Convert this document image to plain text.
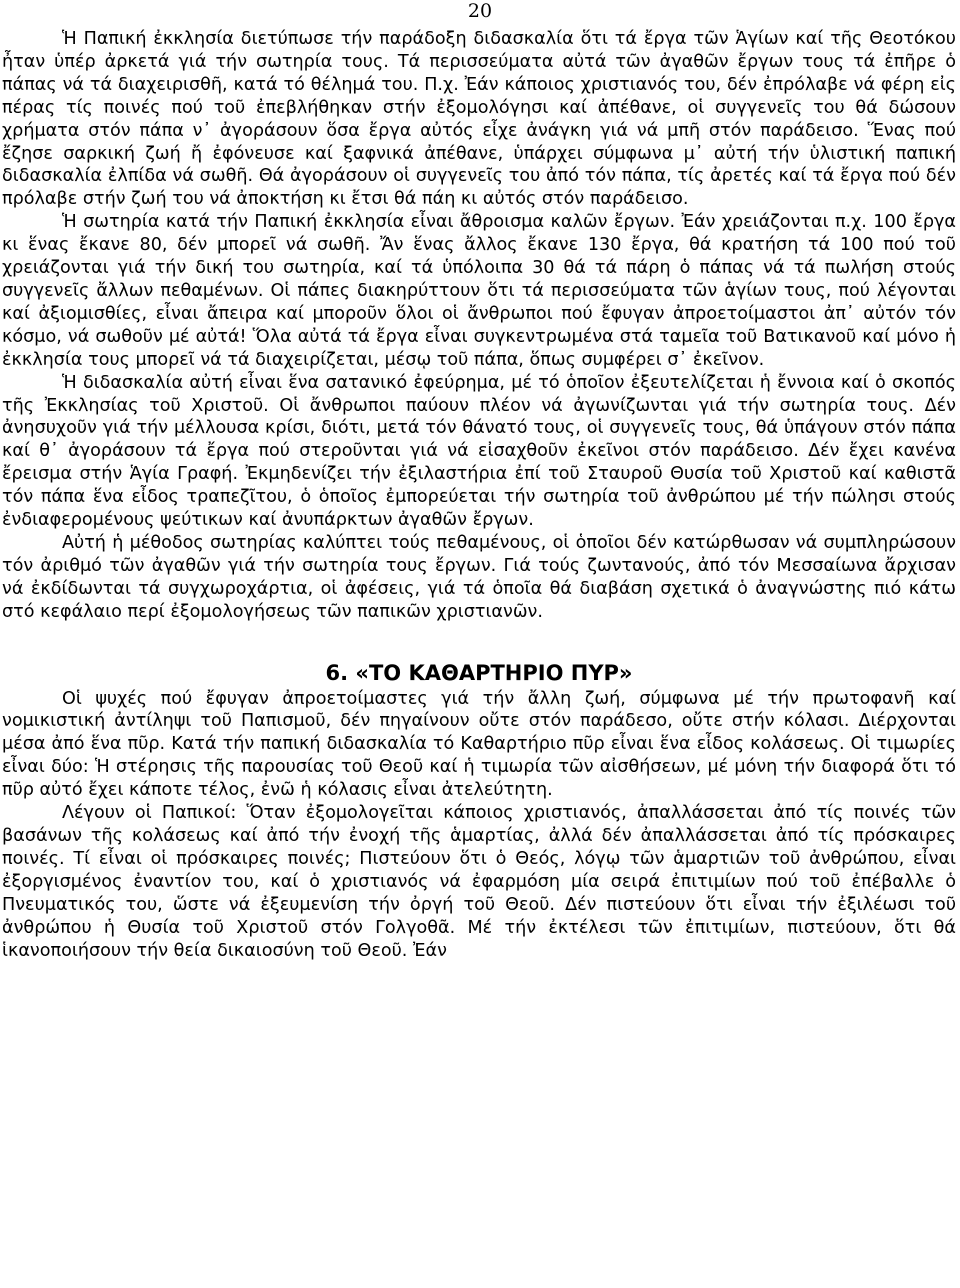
20

Ἡ Παπική ἐκκλησία διετύπωσε τήν παράδοξη διδασκαλία ὅτι τά ἔργα τῶν Ἁγίων καί τῆς Θεοτόκου ἦταν ὑπέρ ἀρκετά γιά τήν σωτηρία τους. Τά περισσεύματα αὐτά τῶν ἀγαθῶν ἔργων τους τά ἐπῆρε ὁ πάπας νά τά διαχειρισθῆ, κατά τό θέλημά του. Π.χ. Ἐάν κάποιος χριστιανός του, δέν ἐπρόλαβε νά φέρη εἰς πέρας τίς ποινές πού τοῦ ἐπεβλήθηκαν στήν ἐξομολόγησι καί ἀπέθανε, οἱ συγγενεῖς του θά δώσουν χρήματα στόν πάπα ν᾽ ἀγοράσουν ὅσα ἔργα αὐτός εἶχε ἀνάγκη γιά νά μπῆ στόν παράδεισο. Ἕνας πού ἔζησε σαρκική ζωή ἤ ἐφόνευσε καί ξαφνικά ἀπέθανε, ὑπάρχει σύμφωνα μ᾽ αὐτή τήν ὑλιστική παπική διδασκαλία ἐλπίδα νά σωθῆ. Θά ἀγοράσουν οἱ συγγενεῖς του ἀπό τόν πάπα, τίς ἀρετές καί τά ἔργα πού δέν πρόλαβε στήν ζωή του νά ἀποκτήση κι ἔτσι θά πάη κι αὐτός στόν παράδεισο.

Ἡ σωτηρία κατά τήν Παπική ἐκκλησία εἶναι ἄθροισμα καλῶν ἔργων. Ἐάν χρειάζονται π.χ. 100 ἔργα κι ἕνας ἔκανε 80, δέν μπορεῖ νά σωθῆ. Ἄν ἕνας ἄλλος ἔκανε 130 ἔργα, θά κρατήση τά 100 πού τοῦ χρειάζονται γιά τήν δική του σωτηρία, καί τά ὑπόλοιπα 30 θά τά πάρη ὁ πάπας νά τά πωλήση στούς συγγενεῖς ἄλλων πεθαμένων. Οἱ πάπες διακηρύττουν ὅτι τά περισσεύματα τῶν ἁγίων τους, πού λέγονται καί ἀξιομισθίες, εἶναι ἄπειρα καί μποροῦν ὅλοι οἱ ἄνθρωποι πού ἔφυγαν ἀπροετοίμαστοι ἀπ᾽ αὐτόν τόν κόσμο, νά σωθοῦν μέ αὐτά! Ὅλα αὐτά τά ἔργα εἶναι συγκεντρωμένα στά ταμεῖα τοῦ Βατικανοῦ καί μόνο ἡ ἐκκλησία τους μπορεῖ νά τά διαχειρίζεται, μέσῳ τοῦ πάπα, ὅπως συμφέρει σ᾽ ἐκεῖνον.

Ἡ διδασκαλία αὐτή εἶναι ἕνα σατανικό ἐφεύρημα, μέ τό ὁποῖον ἐξευτελίζεται ἡ ἔννοια καί ὁ σκοπός τῆς Ἐκκλησίας τοῦ Χριστοῦ. Οἱ ἄνθρωποι παύουν πλέον νά ἀγωνίζωνται γιά τήν σωτηρία τους. Δέν ἀνησυχοῦν γιά τήν μέλλουσα κρίσι, διότι, μετά τόν θάνατό τους, οἱ συγγενεῖς τους, θά ὑπάγουν στόν πάπα καί θ᾽ ἀγοράσουν τά ἔργα πού στεροῦνται γιά νά εἰσαχθοῦν ἐκεῖνοι στόν παράδεισο. Δέν ἔχει κανένα ἔρεισμα στήν Ἁγία Γραφή. Ἐκμηδενίζει τήν ἐξιλαστήρια ἐπί τοῦ Σταυροῦ Θυσία τοῦ Χριστοῦ καί καθιστᾶ τόν πάπα ἕνα εἶδος τραπεζῖτου, ὁ ὁποῖος ἐμπορεύεται τήν σωτηρία τοῦ ἀνθρώπου μέ τήν πώλησι στούς ἐνδιαφερομένους ψεύτικων καί ἀνυπάρκτων ἀγαθῶν ἔργων.

Αὐτή ἡ μέθοδος σωτηρίας καλύπτει τούς πεθαμένους, οἱ ὁποῖοι δέν κατώρθωσαν νά συμπληρώσουν τόν ἀριθμό τῶν ἀγαθῶν γιά τήν σωτηρία τους ἔργων. Γιά τούς ζωντανούς, ἀπό τόν Μεσσαίωνα ἄρχισαν νά ἐκδίδωνται τά συγχωροχάρτια, οἱ ἀφέσεις, γιά τά ὁποῖα θά διαβάση σχετικά ὁ ἀναγνώστης πιό κάτω στό κεφάλαιο περί ἐξομολογήσεως τῶν παπικῶν χριστιανῶν.

6. «ΤΟ ΚΑΘΑΡΤΗΡΙΟ ΠΥΡ»

Οἱ ψυχές πού ἔφυγαν ἀπροετοίμαστες γιά τήν ἄλλη ζωή, σύμφωνα μέ τήν πρωτοφανῆ καί νομικιστική ἀντίληψι τοῦ Παπισμοῦ, δέν πηγαίνουν οὔτε στόν παράδεσο, οὔτε στήν κόλασι. Διέρχονται μέσα ἀπό ἕνα πῦρ. Κατά τήν παπική διδασκαλία τό Καθαρτήριο πῦρ εἶναι ἕνα εἶδος κολάσεως. Οἱ τιμωρίες εἶναι δύο: Ἡ στέρησις τῆς παρουσίας τοῦ Θεοῦ καί ἡ τιμωρία τῶν αἰσθήσεων, μέ μόνη τήν διαφορά ὅτι τό πῦρ αὐτό ἔχει κάποτε τέλος, ἐνῶ ἡ κόλασις εἶναι ἀτελεύτητη.

Λέγουν οἱ Παπικοί: Ὅταν ἐξομολογεῖται κάποιος χριστιανός, ἀπαλλάσσεται ἀπό τίς ποινές τῶν βασάνων τῆς κολάσεως καί ἀπό τήν ἐνοχή τῆς ἁμαρτίας, ἀλλά δέν ἀπαλλάσσεται ἀπό τίς πρόσκαιρες ποινές. Τί εἶναι οἱ πρόσκαιρες ποινές; Πιστεύουν ὅτι ὁ Θεός, λόγῳ τῶν ἁμαρτιῶν τοῦ ἀνθρώπου, εἶναι ἐξοργισμένος ἐναντίον του, καί ὁ χριστιανός νά ἐφαρμόση μία σειρά ἐπιτιμίων πού τοῦ ἐπέβαλλε ὁ Πνευματικός του, ὥστε νά ἐξευμενίση τήν ὀργή τοῦ Θεοῦ. Δέν πιστεύουν ὅτι εἶναι τήν ἐξιλέωσι τοῦ ἀνθρώπου ἡ Θυσία τοῦ Χριστοῦ στόν Γολγοθᾶ. Μέ τήν ἐκτέλεσι τῶν ἐπιτιμίων, πιστεύουν, ὅτι θά ἱκανοποιήσουν τήν θεία δικαιοσύνη τοῦ Θεοῦ. Ἐάν
